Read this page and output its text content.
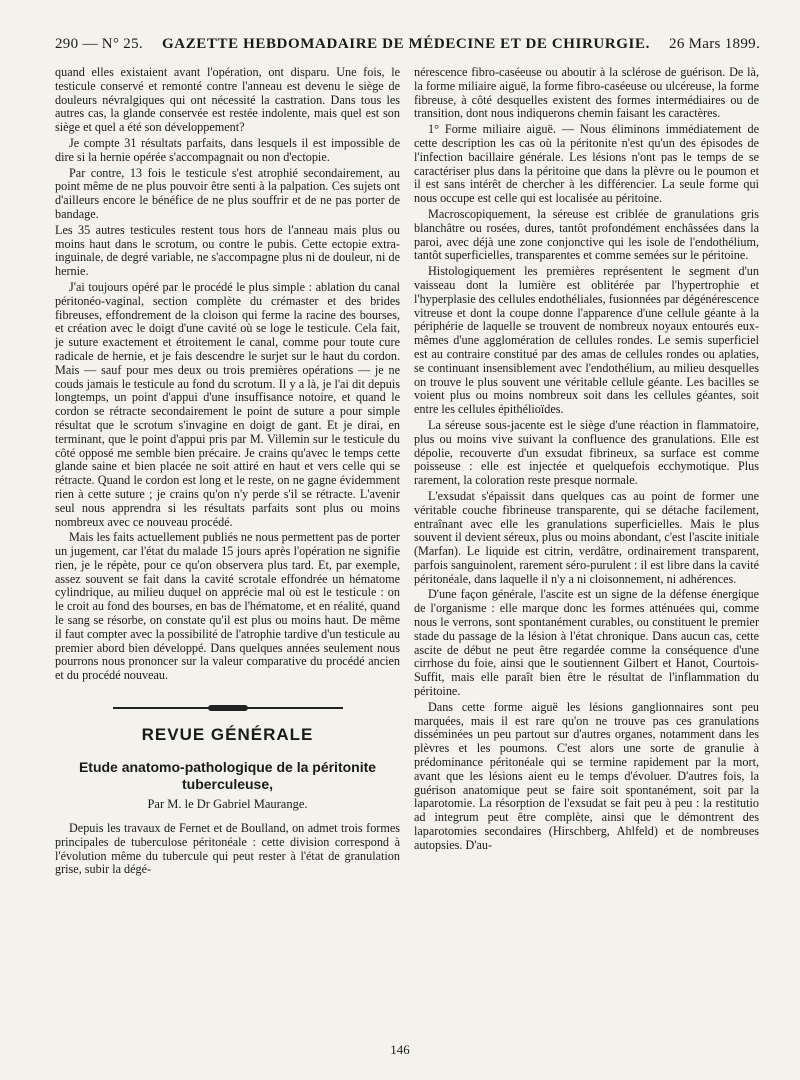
290 — N° 25. GAZETTE HEBDOMADAIRE DE MÉDECINE ET DE CHIRURGIE. 26 Mars 1899.

quand elles existaient avant l'opération, ont disparu. Une fois, le testicule conservé et remonté contre l'anneau est devenu le siège de douleurs névralgiques qui ont nécessité la castration. Dans tous les autres cas, la glande conservée est restée indolente, mais quel est son siège et quel a été son développement?

Je compte 31 résultats parfaits, dans lesquels il est impossible de dire si la hernie opérée s'accompagnait ou non d'ectopie.

Par contre, 13 fois le testicule s'est atrophié secondairement, au point même de ne plus pouvoir être senti à la palpation. Ces sujets ont d'ailleurs encore le bénéfice de ne plus souffrir et de ne pas porter de bandage.

Les 35 autres testicules restent tous hors de l'anneau mais plus ou moins haut dans le scrotum, ou contre le pubis. Cette ectopie extra-inguinale, de degré variable, ne s'accompagne plus ni de douleur, ni de hernie.

J'ai toujours opéré par le procédé le plus simple : ablation du canal péritonéo-vaginal, section complète du crémaster et des brides fibreuses, effondrement de la cloison qui ferme la racine des bourses, et création avec le doigt d'une cavité où se loge le testicule. Cela fait, je suture exactement et étroitement le canal, comme pour toute cure radicale de hernie, et je fais descendre le surjet sur le haut du cordon. Mais — sauf pour mes deux ou trois premières opérations — je ne couds jamais le testicule au fond du scrotum. Il y a là, je l'ai dit depuis longtemps, un point d'appui d'une insuffisance notoire, et quand le cordon se rétracte secondairement le point de suture a pour simple résultat que le scrotum s'invagine en doigt de gant. Et je dirai, en terminant, que le point d'appui pris par M. Villemin sur le testicule du côté opposé me semble bien précaire. Je crains qu'avec le temps cette glande saine et bien placée ne soit attiré en haut et vers celle qui se rétracte. Quand le cordon est long et le reste, on ne gagne évidemment rien à cette suture ; je crains qu'on n'y perde s'il se rétracte. L'avenir seul nous apprendra si les résultats parfaits sont plus ou moins nombreux avec ce nouveau procédé.

Mais les faits actuellement publiés ne nous permettent pas de porter un jugement, car l'état du malade 15 jours après l'opération ne signifie rien, je le répète, pour ce qu'on observera plus tard. Et, par exemple, assez souvent se fait dans la cavité scrotale effondrée un hématome cylindrique, au milieu duquel on apprécie mal où est le testicule : on le croit au fond des bourses, en bas de l'hématome, et en réalité, quand le sang se résorbe, on constate qu'il est plus ou moins haut. De même il faut compter avec la possibilité de l'atrophie tardive d'un testicule au premier abord bien développé. Dans quelques années seulement nous pourrons nous prononcer sur la valeur comparative du procédé ancien et du procédé nouveau.

REVUE GÉNÉRALE
Etude anatomo-pathologique de la péritonite tuberculeuse,
Par M. le Dr Gabriel Maurange.

Depuis les travaux de Fernet et de Boulland, on admet trois formes principales de tuberculose péritonéale : cette division correspond à l'évolution même du tubercule qui peut rester à l'état de granulation grise, subir la dégé-

nérescence fibro-caséeuse ou aboutir à la sclérose de guérison. De là, la forme miliaire aiguë, la forme fibro-caséeuse ou ulcéreuse, la forme fibreuse, à côté desquelles existent des formes intermédiaires ou de transition, dont nous indiquerons chemin faisant les caractères.

1° Forme miliaire aiguë. — Nous éliminons immédiatement de cette description les cas où la péritonite n'est qu'un des épisodes de l'infection bacillaire générale. Les lésions n'ont pas le temps de se caractériser plus dans la péritoine que dans la plèvre ou le poumon et il est sans intérêt de chercher à les différencier. La seule forme qui nous occupe est celle qui est localisée au péritoine.

Macroscopiquement, la séreuse est criblée de granulations gris blanchâtre ou rosées, dures, tantôt profondément enchâssées dans la paroi, avec déjà une zone conjonctive qui les isole de l'endothélium, tantôt superficielles, transparentes et comme semées sur le péritoine.

Histologiquement les premières représentent le segment d'un vaisseau dont la lumière est oblitérée par l'hypertrophie et l'hyperplasie des cellules endothéliales, fusionnées par dégénérescence vitreuse et dont la coupe donne l'apparence d'une cellule géante à la périphérie de laquelle se trouvent de nombreux noyaux entourés eux-mêmes d'une agglomération de cellules rondes. Le semis superficiel est au contraire constitué par des amas de cellules rondes ou aplaties, se continuant insensiblement avec l'endothélium, au milieu desquelles on trouve le plus souvent une véritable cellule géante. Les bacilles se voient plus ou moins nombreux soit dans les cellules géantes, soit entre les cellules épithélioïdes.

La séreuse sous-jacente est le siège d'une réaction in flammatoire, plus ou moins vive suivant la confluence des granulations. Elle est dépolie, recouverte d'un exsudat fibrineux, sa surface est comme poisseuse : elle est injectée et quelquefois ecchymotique. Plus rarement, la coloration reste presque normale.

L'exsudat s'épaissit dans quelques cas au point de former une véritable couche fibrineuse transparente, qui se détache facilement, entraînant avec elle les granulations superficielles. Mais le plus souvent il devient séreux, plus ou moins abondant, c'est l'ascite initiale (Marfan). Le liquide est citrin, verdâtre, ordinairement transparent, parfois sanguinolent, rarement séro-purulent : il est libre dans la cavité péritonéale, dans laquelle il n'y a ni cloisonnement, ni adhérences.

D'une façon générale, l'ascite est un signe de la défense énergique de l'organisme : elle marque donc les formes atténuées qui, comme nous le verrons, sont spontanément curables, ou constituent le premier stade du passage de la lésion à l'état chronique. Dans aucun cas, cette ascite de début ne peut être regardée comme la conséquence d'une cirrhose du foie, ainsi que le soutiennent Gilbert et Hanot, Courtois-Suffit, mais elle paraît bien être le résultat de l'inflammation du péritoine.

Dans cette forme aiguë les lésions ganglionnaires sont peu marquées, mais il est rare qu'on ne trouve pas ces granulations disséminées un peu partout sur d'autres organes, notamment dans les plèvres et les poumons. C'est alors une sorte de granulie à prédominance péritonéale qui se termine rapidement par la mort, avant que les lésions aient eu le temps d'évoluer. D'autres fois, la guérison anatomique peut se faire soit spontanément, soit par la laparotomie. La résorption de l'exsudat se fait peu à peu : la restitutio ad integrum peut être complète, ainsi que le démontrent des laparotomies secondaires (Hirschberg, Ahlfeld) et de nombreuses autopsies. D'au-

146
